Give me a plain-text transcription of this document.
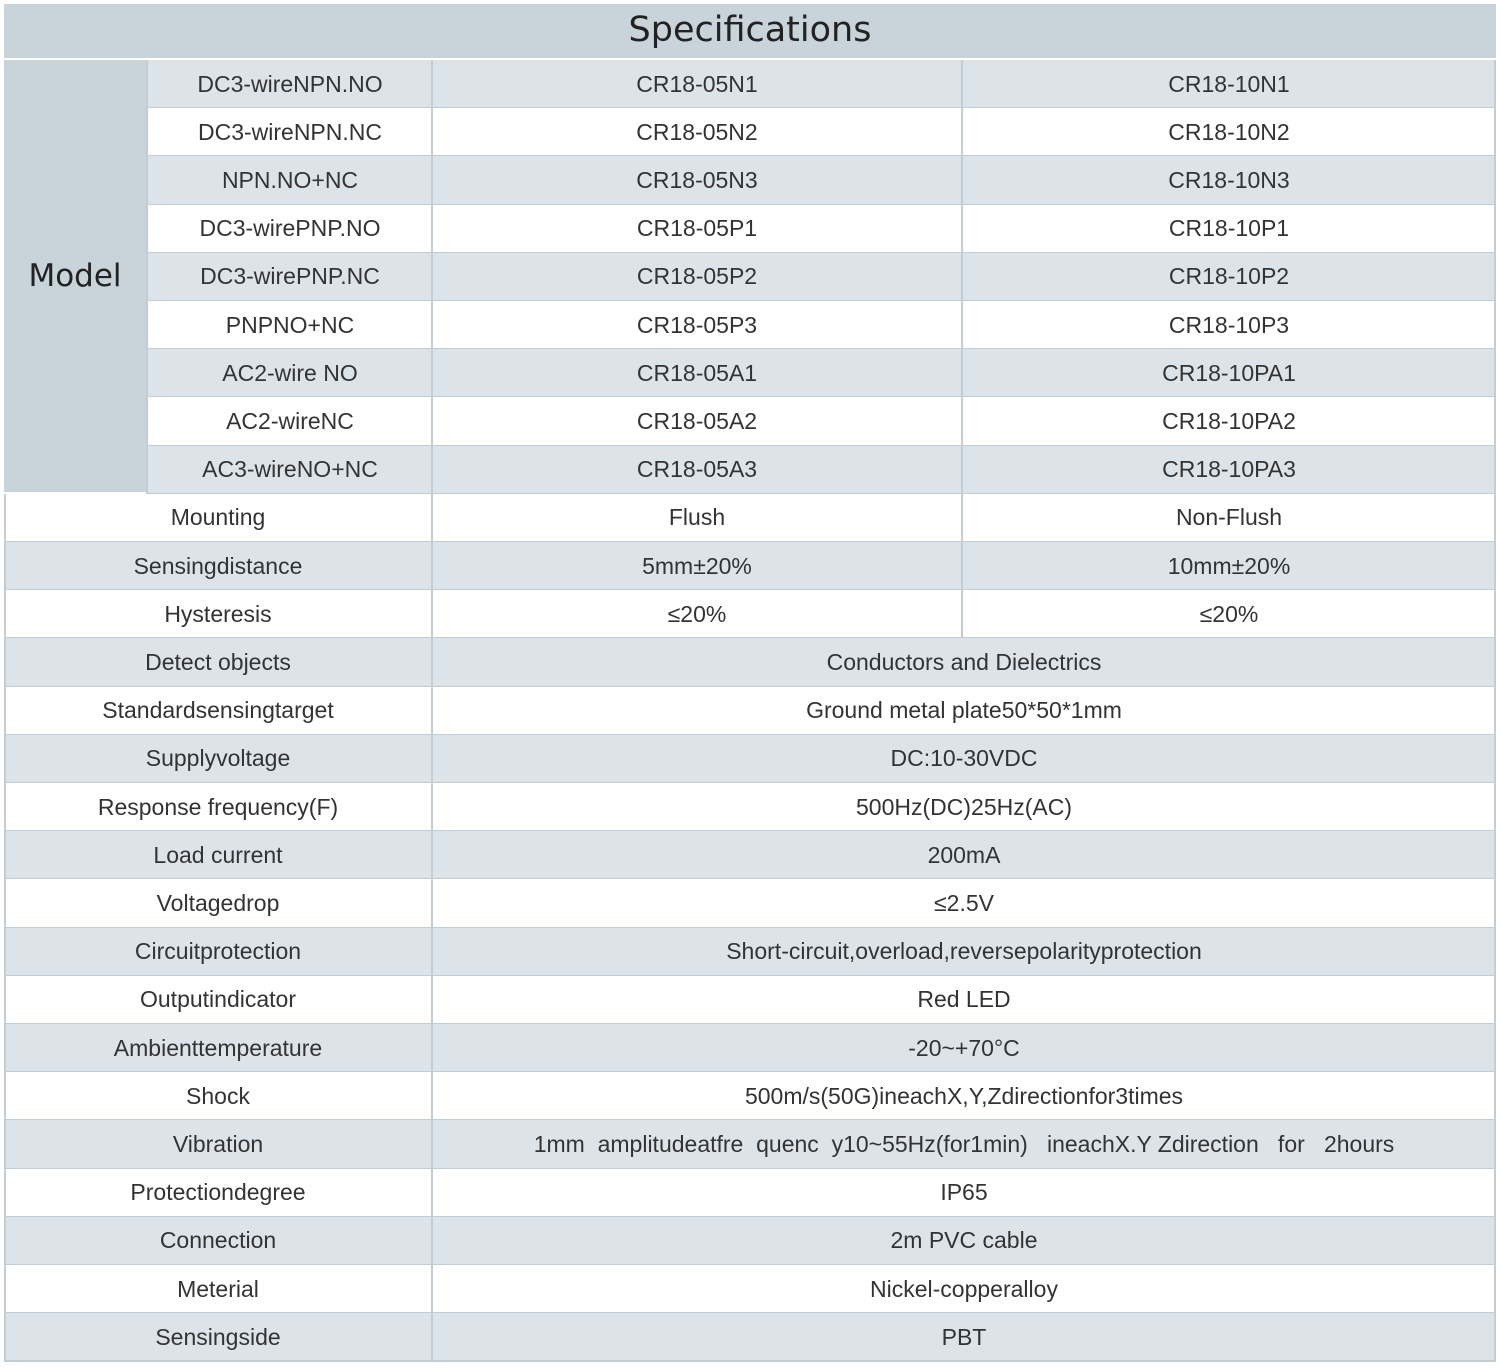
Specifications
Model
DC3-wireNPN.NO	CR18-05N1	CR18-10N1
DC3-wireNPN.NC	CR18-05N2	CR18-10N2
NPN.NO+NC	CR18-05N3	CR18-10N3
DC3-wirePNP.NO	CR18-05P1	CR18-10P1
DC3-wirePNP.NC	CR18-05P2	CR18-10P2
PNPNO+NC	CR18-05P3	CR18-10P3
AC2-wire NO	CR18-05A1	CR18-10PA1
AC2-wireNC	CR18-05A2	CR18-10PA2
AC3-wireNO+NC	CR18-05A3	CR18-10PA3
Mounting	Flush	Non-Flush
Sensingdistance	5mm±20%	10mm±20%
Hysteresis	≤20%	≤20%
Detect objects	Conductors and Dielectrics
Standardsensingtarget	Ground metal plate50*50*1mm
Supplyvoltage	DC:10-30VDC
Response frequency(F)	500Hz(DC)25Hz(AC)
Load current	200mA
Voltagedrop	≤2.5V
Circuitprotection	Short-circuit,overload,reversepolarityprotection
Outputindicator	Red LED
Ambienttemperature	-20~+70°C
Shock	500m/s(50G)ineachX,Y,Zdirectionfor3times
Vibration	1mm  amplitudeatfre  quenc  y10~55Hz(for1min)   ineachX.Y Zdirection   for   2hours
Protectiondegree	IP65
Connection	2m PVC cable
Meterial	Nickel-copperalloy
Sensingside	PBT
